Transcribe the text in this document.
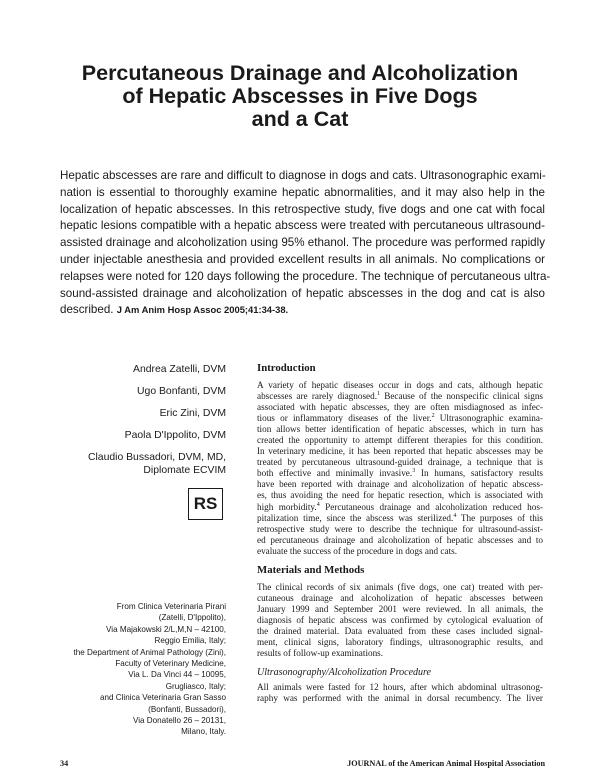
Percutaneous Drainage and Alcoholization
of Hepatic Abscesses in Five Dogs
and a Cat
Hepatic abscesses are rare and difficult to diagnose in dogs and cats. Ultrasonographic exami-
nation is essential to thoroughly examine hepatic abnormalities, and it may also help in the
localization of hepatic abscesses. In this retrospective study, five dogs and one cat with focal
hepatic lesions compatible with a hepatic abscess were treated with percutaneous ultrasound-
assisted drainage and alcoholization using 95% ethanol. The procedure was performed rapidly
under injectable anesthesia and provided excellent results in all animals. No complications or
relapses were noted for 120 days following the procedure. The technique of percutaneous ultra-
sound-assisted drainage and alcoholization of hepatic abscesses in the dog and cat is also
described. J Am Anim Hosp Assoc 2005;41:34-38.
Andrea Zatelli, DVM
Ugo Bonfanti, DVM
Eric Zini, DVM
Paola D'Ippolito, DVM
Claudio Bussadori, DVM, MD,
Diplomate ECVIM
RS
From Clinica Veterinaria Pirani
(Zatelli, D'Ippolito),
Via Majakowski 2/L,M,N – 42100,
Reggio Emilia, Italy;
the Department of Animal Pathology (Zini),
Faculty of Veterinary Medicine,
Via L. Da Vinci 44 – 10095,
Grugliasco, Italy;
and Clinica Veterinaria Gran Sasso
(Bonfanti, Bussadori),
Via Donatello 26 – 20131,
Milano, Italy.
Introduction

A variety of hepatic diseases occur in dogs and cats, although hepatic
abscesses are rarely diagnosed.$^1$ Because of the nonspecific clinical signs
associated with hepatic abscesses, they are often misdiagnosed as infec-
tious or inflammatory diseases of the liver.$^2$ Ultrasonographic examina-
tion allows better identification of hepatic abscesses, which in turn has
created the opportunity to attempt different therapies for this condition.
In veterinary medicine, it has been reported that hepatic abscesses may be
treated by percutaneous ultrasound-guided drainage, a technique that is
both effective and minimally invasive.$^3$ In humans, satisfactory results
have been reported with drainage and alcoholization of hepatic abscess-
es, thus avoiding the need for hepatic resection, which is associated with
high morbidity.$^4$ Percutaneous drainage and alcoholization reduced hos-
pitalization time, since the abscess was sterilized.$^4$ The purposes of this
retrospective study were to describe the technique for ultrasound-assist-
ed percutaneous drainage and alcoholization of hepatic abscesses and to
evaluate the success of the procedure in dogs and cats.

Materials and Methods

The clinical records of six animals (five dogs, one cat) treated with per-
cutaneous drainage and alcoholization of hepatic abscesses between
January 1999 and September 2001 were reviewed. In all animals, the
diagnosis of hepatic abscess was confirmed by cytological evaluation of
the drained material. Data evaluated from these cases included signal-
ment, clinical signs, laboratory findings, ultrasonographic results, and
results of follow-up examinations.

Ultrasonography/Alcoholization Procedure

All animals were fasted for 12 hours, after which abdominal ultrasonog-
raphy was performed with the animal in dorsal recumbency. The liver

34	JOURNAL of the American Animal Hospital Association
